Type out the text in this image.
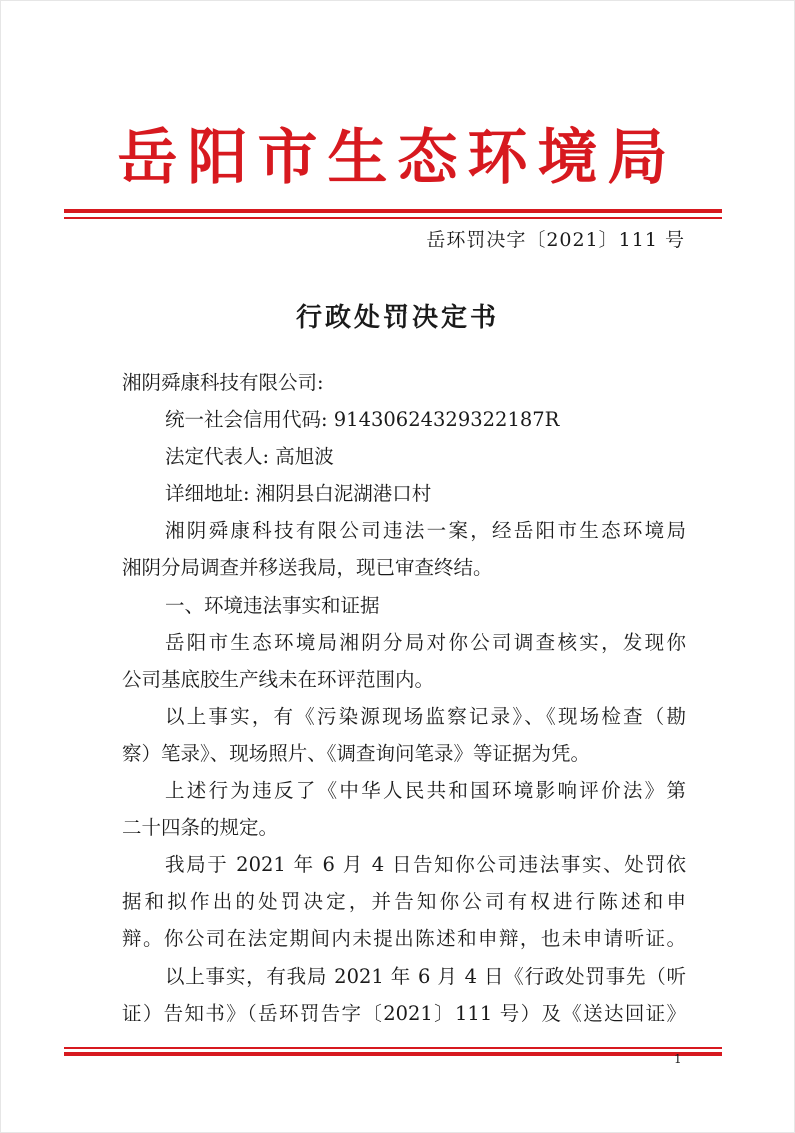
岳阳市生态环境局
岳环罚决字〔2021〕111 号
行政处罚决定书
湘阴舜康科技有限公司:
统一社会信用代码: 91430624329322187R
法定代表人: 高旭波
详细地址: 湘阴县白泥湖港口村
湘阴舜康科技有限公司违法一案，经岳阳市生态环境局
湘阴分局调查并移送我局，现已审查终结。
一、环境违法事实和证据
岳阳市生态环境局湘阴分局对你公司调查核实，发现你
公司基底胶生产线未在环评范围内。
以上事实，有《污染源现场监察记录》、《现场检查（勘
察）笔录》、现场照片、《调查询问笔录》等证据为凭。
上述行为违反了《中华人民共和国环境影响评价法》第
二十四条的规定。
我局于 2021 年 6 月 4 日告知你公司违法事实、处罚依
据和拟作出的处罚决定，并告知你公司有权进行陈述和申
辩。你公司在法定期间内未提出陈述和申辩，也未申请听证。
以上事实，有我局 2021 年 6 月 4 日《行政处罚事先（听
证）告知书》（岳环罚告字〔2021〕111 号）及《送达回证》
1
